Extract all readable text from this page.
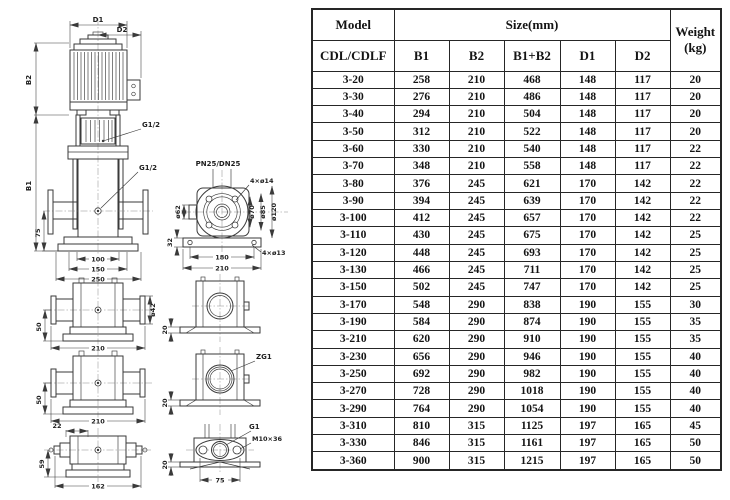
D1
D2
B2
B1
G1/2
G1/2
75
100
150
250
PN25/DN25
4×ø14
ø70 ø85 ø120
ø62
32
4×ø13
180
210
50
ø42
210
20
50
210
ZG1
20
22
59
162
G1
M10×36
20
75
Model	Size(mm)					Weight
(kg)

CDL/CDLF	B1	B2	B1+B2	D1	D2	
3-20	258	210	468	148	117	20
3-30	276	210	486	148	117	20
3-40	294	210	504	148	117	20
3-50	312	210	522	148	117	20
3-60	330	210	540	148	117	22
3-70	348	210	558	148	117	22
3-80	376	245	621	170	142	22
3-90	394	245	639	170	142	22
3-100	412	245	657	170	142	22
3-110	430	245	675	170	142	25
3-120	448	245	693	170	142	25
3-130	466	245	711	170	142	25
3-150	502	245	747	170	142	25
3-170	548	290	838	190	155	30
3-190	584	290	874	190	155	35
3-210	620	290	910	190	155	35
3-230	656	290	946	190	155	40
3-250	692	290	982	190	155	40
3-270	728	290	1018	190	155	40
3-290	764	290	1054	190	155	40
3-310	810	315	1125	197	165	45
3-330	846	315	1161	197	165	50
3-360	900	315	1215	197	165	50
